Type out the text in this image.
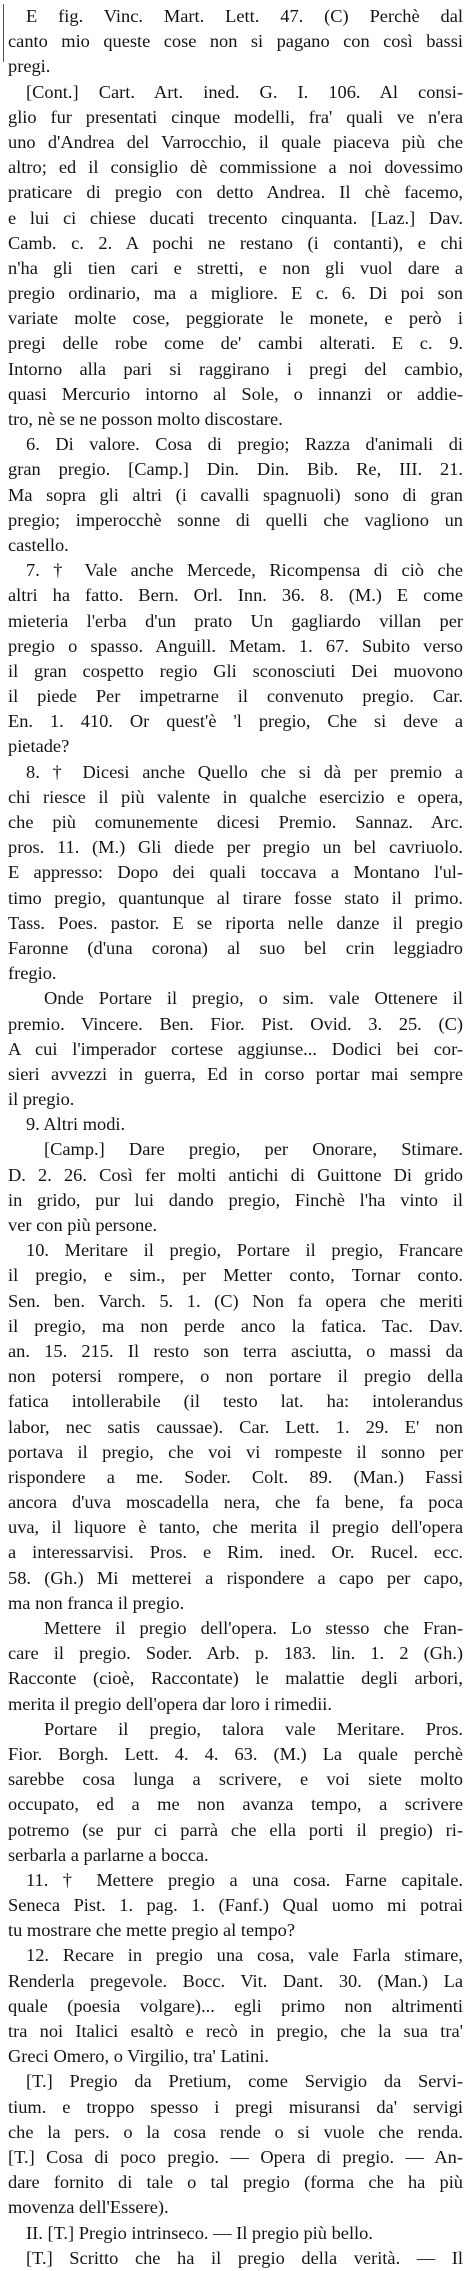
E fig. Vinc. Mart. Lett. 47. (C) Perchè dal
canto mio queste cose non si pagano con così bassi
pregi.
[Cont.] Cart. Art. ined. G. I. 106. Al consi-
glio fur presentati cinque modelli, fra' quali ve n'era
uno d'Andrea del Varrocchio, il quale piaceva più che
altro; ed il consiglio dè commissione a noi dovessimo
praticare di pregio con detto Andrea. Il chè facemo,
e lui ci chiese ducati trecento cinquanta. [Laz.] Dav.
Camb. c. 2. A pochi ne restano (i contanti), e chi
n'ha gli tien cari e stretti, e non gli vuol dare a
pregio ordinario, ma a migliore. E c. 6. Di poi son
variate molte cose, peggiorate le monete, e però i
pregi delle robe come de' cambi alterati. E c. 9.
Intorno alla pari si raggirano i pregi del cambio,
quasi Mercurio intorno al Sole, o innanzi or addie-
tro, nè se ne posson molto discostare.
6. Di valore. Cosa di pregio; Razza d'animali di
gran pregio. [Camp.] Din. Din. Bib. Re, III. 21.
Ma sopra gli altri (i cavalli spagnuoli) sono di gran
pregio; imperocchè sonne di quelli che vagliono un
castello.
7. † Vale anche Mercede, Ricompensa di ciò che
altri ha fatto. Bern. Orl. Inn. 36. 8. (M.) E come
mieteria l'erba d'un prato Un gagliardo villan per
pregio o spasso. Anguill. Metam. 1. 67. Subito verso
il gran cospetto regio Gli sconosciuti Dei muovono
il piede Per impetrarne il convenuto pregio. Car.
En. 1. 410. Or quest'è 'l pregio, Che si deve a
pietade?
8. † Dicesi anche Quello che si dà per premio a
chi riesce il più valente in qualche esercizio e opera,
che più comunemente dicesi Premio. Sannaz. Arc.
pros. 11. (M.) Gli diede per pregio un bel cavriuolo.
E appresso: Dopo dei quali toccava a Montano l'ul-
timo pregio, quantunque al tirare fosse stato il primo.
Tass. Poes. pastor. E se riporta nelle danze il pregio
Faronne (d'una corona) al suo bel crin leggiadro
fregio.
Onde Portare il pregio, o sim. vale Ottenere il
premio. Vincere. Ben. Fior. Pist. Ovid. 3. 25. (C)
A cui l'imperador cortese aggiunse... Dodici bei cor-
sieri avvezzi in guerra, Ed in corso portar mai sempre
il pregio.
9. Altri modi.
[Camp.] Dare pregio, per Onorare, Stimare.
D. 2. 26. Così fer molti antichi di Guittone Di grido
in grido, pur lui dando pregio, Finchè l'ha vinto il
ver con più persone.
10. Meritare il pregio, Portare il pregio, Francare
il pregio, e sim., per Metter conto, Tornar conto.
Sen. ben. Varch. 5. 1. (C) Non fa opera che meriti
il pregio, ma non perde anco la fatica. Tac. Dav.
an. 15. 215. Il resto son terra asciutta, o massi da
non potersi rompere, o non portare il pregio della
fatica intollerabile (il testo lat. ha: intolerandus
labor, nec satis caussae). Car. Lett. 1. 29. E' non
portava il pregio, che voi vi rompeste il sonno per
rispondere a me. Soder. Colt. 89. (Man.) Fassi
ancora d'uva moscadella nera, che fa bene, fa poca
uva, il liquore è tanto, che merita il pregio dell'opera
a interessarvisi. Pros. e Rim. ined. Or. Rucel. ecc.
58. (Gh.) Mi metterei a rispondere a capo per capo,
ma non franca il pregio.
Mettere il pregio dell'opera. Lo stesso che Fran-
care il pregio. Soder. Arb. p. 183. lin. 1. 2 (Gh.)
Racconte (cioè, Raccontate) le malattie degli arbori,
merita il pregio dell'opera dar loro i rimedii.
Portare il pregio, talora vale Meritare. Pros.
Fior. Borgh. Lett. 4. 4. 63. (M.) La quale perchè
sarebbe cosa lunga a scrivere, e voi siete molto
occupato, ed a me non avanza tempo, a scrivere
potremo (se pur ci parrà che ella porti il pregio) ri-
serbarla a parlarne a bocca.
11. † Mettere pregio a una cosa. Farne capitale.
Seneca Pist. 1. pag. 1. (Fanf.) Qual uomo mi potrai
tu mostrare che mette pregio al tempo?
12. Recare in pregio una cosa, vale Farla stimare,
Renderla pregevole. Bocc. Vit. Dant. 30. (Man.) La
quale (poesia volgare)... egli primo non altrimenti
tra noi Italici esaltò e recò in pregio, che la sua tra'
Greci Omero, o Virgilio, tra' Latini.
[T.] Pregio da Pretium, come Servigio da Servi-
tium. e troppo spesso i pregi misuransi da' servigi
che la pers. o la cosa rende o si vuole che renda.
[T.] Cosa di poco pregio. — Opera di pregio. — An-
dare fornito di tale o tal pregio (forma che ha più
movenza dell'Essere).
II. [T.] Pregio intrinseco. — Il pregio più bello.
[T.] Scritto che ha il pregio della verità. — Il
